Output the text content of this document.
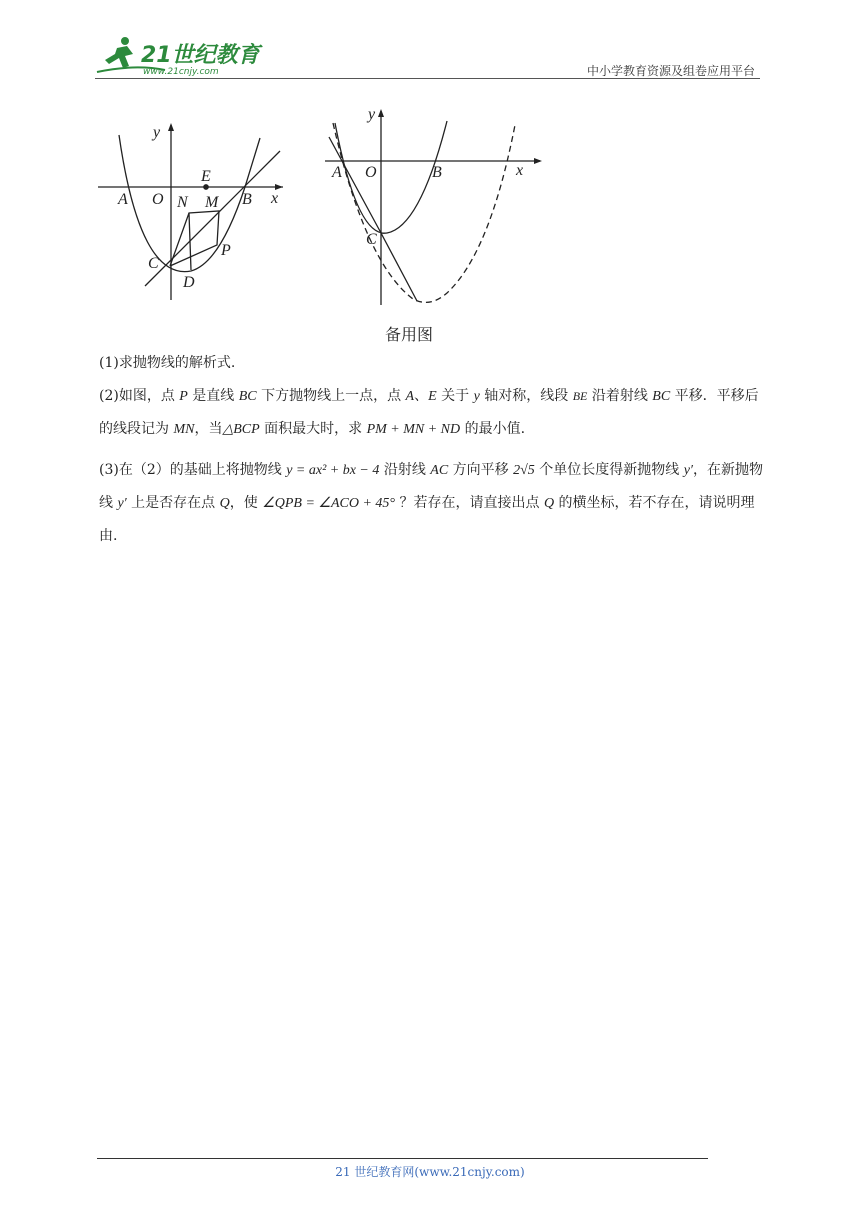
21世纪教育
www.21cnjy.com	中小学教育资源及组卷应用平台
y
x
A O
E
N M B
P
C
D
y
x
A O	B
C
备用图
(1)求抛物线的解析式.
(2)如图，点 P 是直线 BC 下方抛物线上一点，点 A、E 关于 y 轴对称，线段 BE 沿着射线 BC 平移．平移后的线段记为 MN，当△BCP 面积最大时，求 PM + MN + ND 的最小值.
(3)在（2）的基础上将抛物线 y = ax² + bx − 4 沿射线 AC 方向平移 2√5 个单位长度得新抛物线 y′，在新抛物线 y′ 上是否存在点 Q，使 ∠QPB = ∠ACO + 45° ？若存在，请直接出点 Q 的横坐标，若不存在，请说明理由.
21 世纪教育网(www.21cnjy.com)
